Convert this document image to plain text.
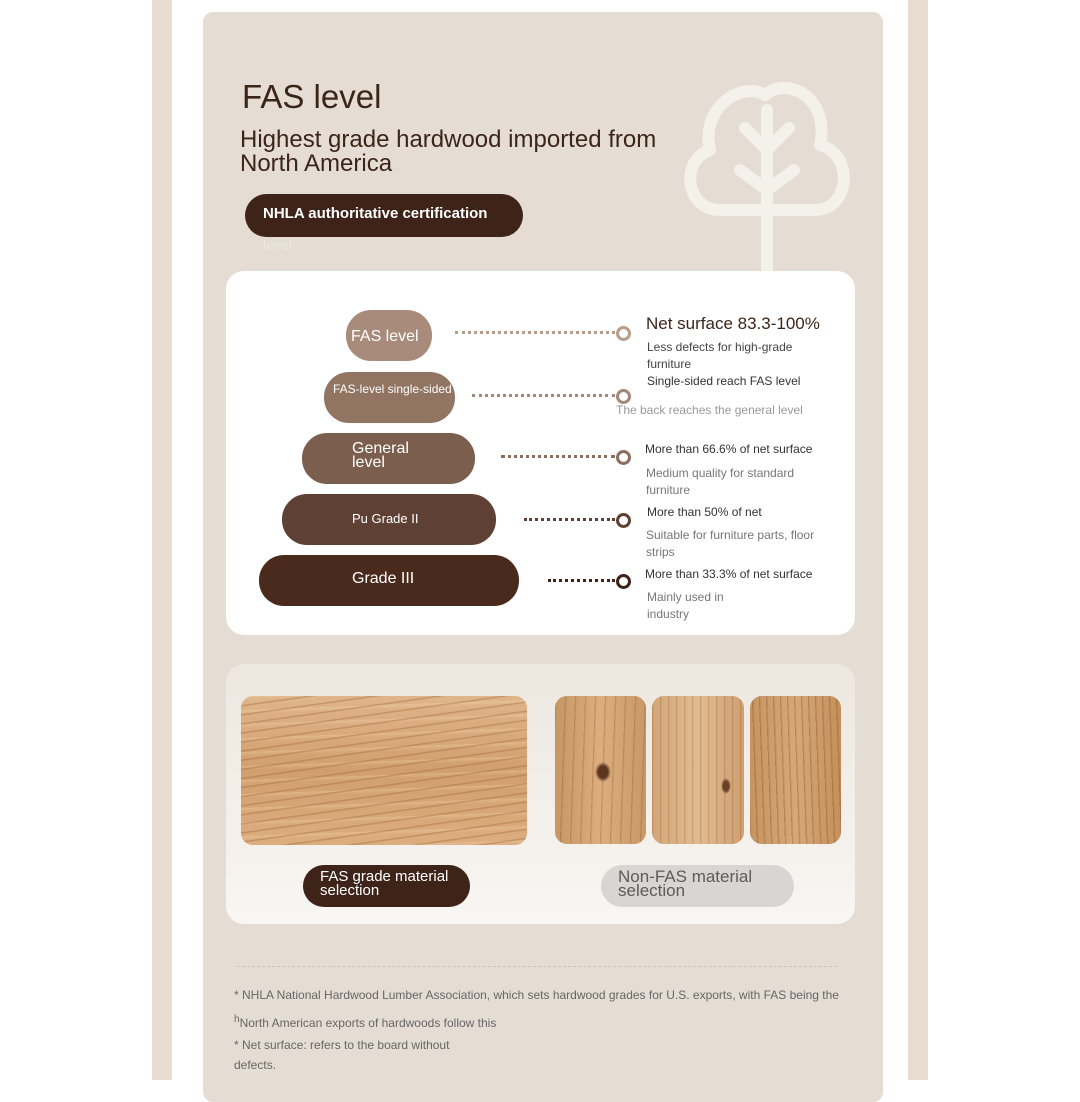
FAS level
Highest grade hardwood imported from North America
NHLA authoritative certification
level
FAS level
Net surface 83.3-100%
Less defects for high-grade furniture
Single-sided reach FAS level
FAS-level single-sided
The back reaches the general level
General level
More than 66.6% of net surface
Medium quality for standard furniture
Pu Grade II	More than 50% of net
Suitable for furniture parts, floor strips
Grade III	More than 33.3% of net surface
Mainly used in industry
FAS grade material selection
Non-FAS material selection
* NHLA National Hardwood Lumber Association, which sets hardwood grades for U.S. exports, with FAS being the
$^h$North American exports of hardwoods follow this
* Net surface: refers to the board without
defects.
